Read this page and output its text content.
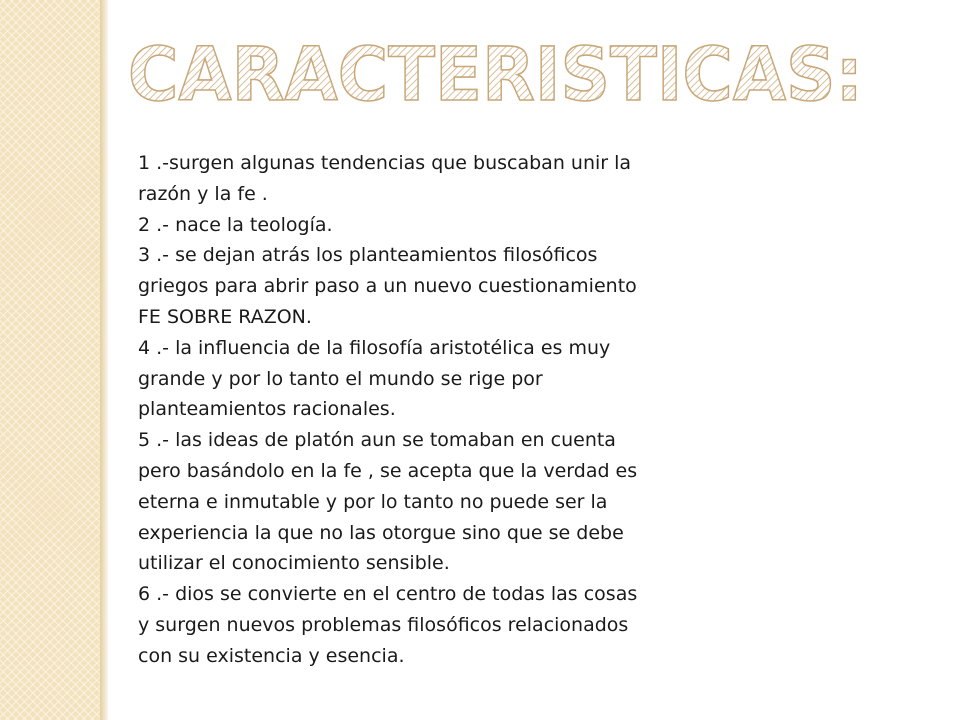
CARACTERISTICAS:

1 .-surgen algunas tendencias que buscaban unir la razón y la fe .

2 .- nace la teología.

3 .- se dejan atrás los planteamientos filosóficos griegos para abrir paso a un nuevo cuestionamiento FE SOBRE RAZON.

4 .- la influencia de la filosofía aristotélica es muy grande y por lo tanto el mundo se rige por planteamientos racionales.

5 .- las ideas de platón aun se tomaban en cuenta pero basándolo en la fe , se acepta que la verdad es eterna e inmutable y por lo tanto no puede ser la experiencia la que no las otorgue sino que se debe utilizar el conocimiento sensible.

6 .- dios se convierte en el centro de todas las cosas y surgen nuevos problemas filosóficos relacionados con su existencia y esencia.
